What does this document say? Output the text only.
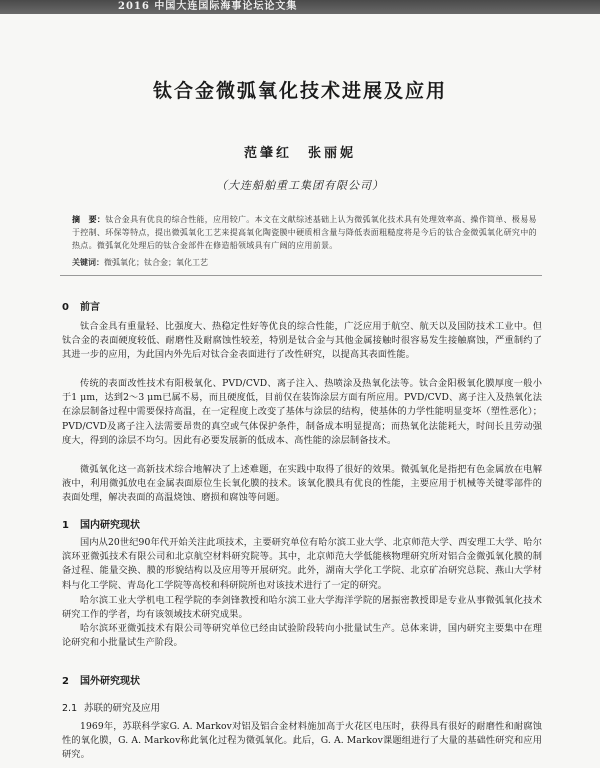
2016 中国大连国际海事论坛论文集
钛合金微弧氧化技术进展及应用
范肇红　张丽妮
（大连船舶重工集团有限公司）
摘　要：钛合金具有优良的综合性能，应用较广。本文在文献综述基础上认为微弧氧化技术具有处理效率高、操作简单、极易易于控制、环保等特点，提出微弧氧化工艺来提高氧化陶瓷膜中硬质相含量与降低表面粗糙度将是今后的钛合金微弧氧化研究中的热点。微弧氧化处理后的钛合金部件在修造船领域具有广阔的应用前景。
关键词：微弧氧化；钛合金；氧化工艺
0 前言

钛合金具有重量轻、比强度大、热稳定性好等优良的综合性能，广泛应用于航空、航天以及国防技术工业中。但钛合金的表面硬度较低、耐磨性及耐腐蚀性较差，特别是钛合金与其他金属接触时很容易发生接触腐蚀，严重制约了其进一步的应用，为此国内外先后对钛合金表面进行了改性研究，以提高其表面性能。

传统的表面改性技术有阳极氧化、PVD/CVD、离子注入、热喷涂及热氧化法等。钛合金阳极氧化膜厚度一般小于1 μm，达到2～3 μm已属不易，而且硬度低，目前仅在装饰涂层方面有所应用。PVD/CVD、离子注入及热氧化法在涂层制备过程中需要保持高温，在一定程度上改变了基体与涂层的结构，使基体的力学性能明显变坏（塑性恶化）；PVD/CVD及离子注入法需要昂贵的真空或气体保护条件，制备成本明显提高；而热氧化法能耗大，时间长且劳动强度大，得到的涂层不均匀。因此有必要发展新的低成本、高性能的涂层制备技术。

微弧氧化这一高新技术综合地解决了上述难题，在实践中取得了很好的效果。微弧氧化是指把有色金属放在电解液中，利用微弧放电在金属表面原位生长氧化膜的技术。该氧化膜具有优良的性能，主要应用于机械等关键零部件的表面处理，解决表面的高温烧蚀、磨损和腐蚀等问题。

1 国内研究现状

国内从20世纪90年代开始关注此项技术，主要研究单位有哈尔滨工业大学、北京师范大学、西安理工大学、哈尔滨环亚微弧技术有限公司和北京航空材料研究院等。其中，北京师范大学低能核物理研究所对铝合金微弧氧化膜的制备过程、能量交换、膜的形貌结构以及应用等开展研究。此外，湖南大学化工学院、北京矿冶研究总院、燕山大学材料与化工学院、青岛化工学院等高校和科研院所也对该技术进行了一定的研究。

哈尔滨工业大学机电工程学院的李剑锋教授和哈尔滨工业大学海洋学院的屠振密教授即是专业从事微弧氧化技术研究工作的学者，均有该领域技术研究成果。

哈尔滨环亚微弧技术有限公司等研究单位已经由试验阶段转向小批量试生产。总体来讲，国内研究主要集中在理论研究和小批量试生产阶段。

2 国外研究现状
2.1 苏联的研究及应用

1969年，苏联科学家G. A. Markov对铝及铝合金材料施加高于火花区电压时，获得具有很好的耐磨性和耐腐蚀性的氧化膜，G. A. Markov称此氧化过程为微弧氧化。此后，G. A. Markov课题组进行了大量的基础性研究和应用研究。
